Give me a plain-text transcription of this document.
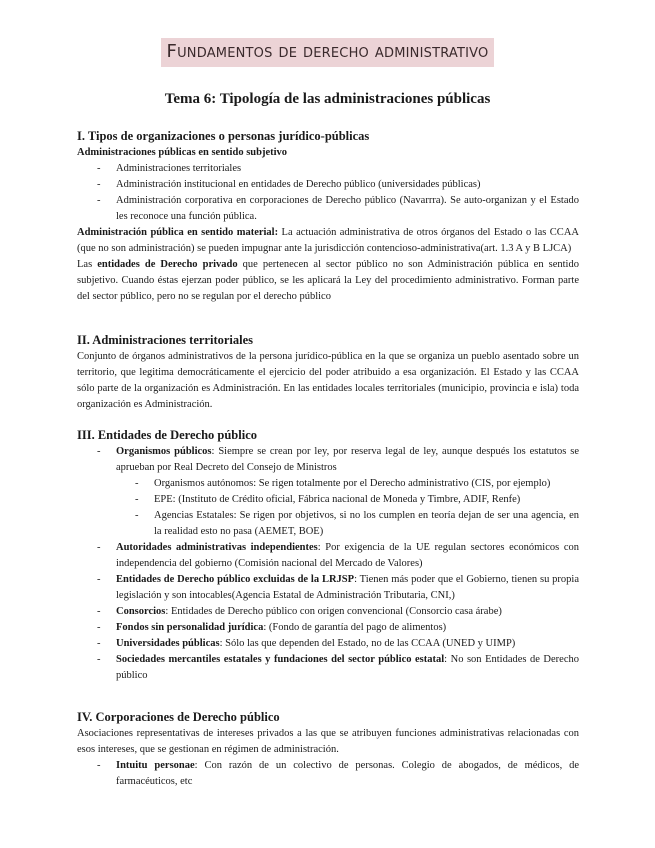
Fundamentos de derecho administrativo
Tema 6: Tipología de las administraciones públicas
I. Tipos de organizaciones o personas jurídico-públicas
Administraciones públicas en sentido subjetivo
- Administraciones territoriales
- Administración institucional en entidades de Derecho público (universidades públicas)
- Administración corporativa en corporaciones de Derecho público (Navarrra). Se auto-organizan y el Estado les reconoce una función pública.

Administración pública en sentido material: La actuación administrativa de otros órganos del Estado o las CCAA (que no son administración) se pueden impugnar ante la jurisdicción contencioso-administrativa(art. 1.3 A y B LJCA)

Las entidades de Derecho privado que pertenecen al sector público no son Administración pública en sentido subjetivo. Cuando éstas ejerzan poder público, se les aplicará la Ley del procedimiento administrativo. Forman parte del sector público, pero no se regulan por el derecho público

II. Administraciones territoriales

Conjunto de órganos administrativos de la persona jurídico-pública en la que se organiza un pueblo asentado sobre un territorio, que legitima democráticamente el ejercicio del poder atribuido a esa organización. El Estado y las CCAA sólo parte de la organización es Administración. En las entidades locales territoriales (municipio, provincia e isla) toda organización es Administración.

III. Entidades de Derecho público
- Organismos públicos: Siempre se crean por ley, por reserva legal de ley, aunque después los estatutos se aprueban por Real Decreto del Consejo de Ministros
- Organismos autónomos: Se rigen totalmente por el Derecho administrativo (CIS, por ejemplo)
- EPE: (Instituto de Crédito oficial, Fábrica nacional de Moneda y Timbre, ADIF, Renfe)
- Agencias Estatales: Se rigen por objetivos, si no los cumplen en teoría dejan de ser una agencia, en la realidad esto no pasa (AEMET, BOE)
- Autoridades administrativas independientes: Por exigencia de la UE regulan sectores económicos con independencia del gobierno (Comisión nacional del Mercado de Valores)
- Entidades de Derecho público excluidas de la LRJSP: Tienen más poder que el Gobierno, tienen su propia legislación y son intocables(Agencia Estatal de Administración Tributaria, CNI,)
- Consorcios: Entidades de Derecho público con origen convencional (Consorcio casa árabe)
- Fondos sin personalidad jurídica: (Fondo de garantía del pago de alimentos)
- Universidades públicas: Sólo las que dependen del Estado, no de las CCAA (UNED y UIMP)
- Sociedades mercantiles estatales y fundaciones del sector público estatal: No son Entidades de Derecho público
IV. Corporaciones de Derecho público

Asociaciones representativas de intereses privados a las que se atribuyen funciones administrativas relacionadas con esos intereses, que se gestionan en régimen de administración.

- Intuitu personae: Con razón de un colectivo de personas. Colegio de abogados, de médicos, de farmacéuticos, etc
